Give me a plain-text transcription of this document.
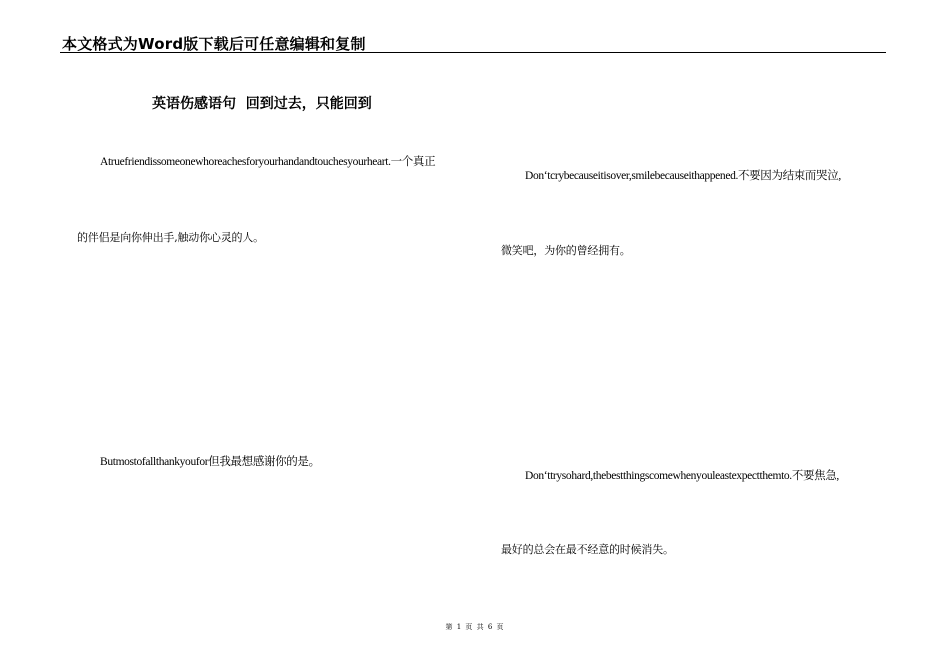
本文格式为Word版下载后可任意编辑和复制
英语伤感语句  回到过去，只能回到
Atruefriendissomeonewhoreachesforyourhandandtouchesyourheart.一个真正
的伴侣是向你伸出手,触动你心灵的人。
Butmostofallthankyoufor但我最想感谢你的是。
Don‘tcrybecauseitisover,smilebecauseithappened.不要因为结束而哭泣,
微笑吧，为你的曾经拥有。
Don‘ttrysohard,thebestthingscomewhenyouleastexpectthemto.不要焦急,
最好的总会在最不经意的时候消失。
第 1 页 共 6 页
